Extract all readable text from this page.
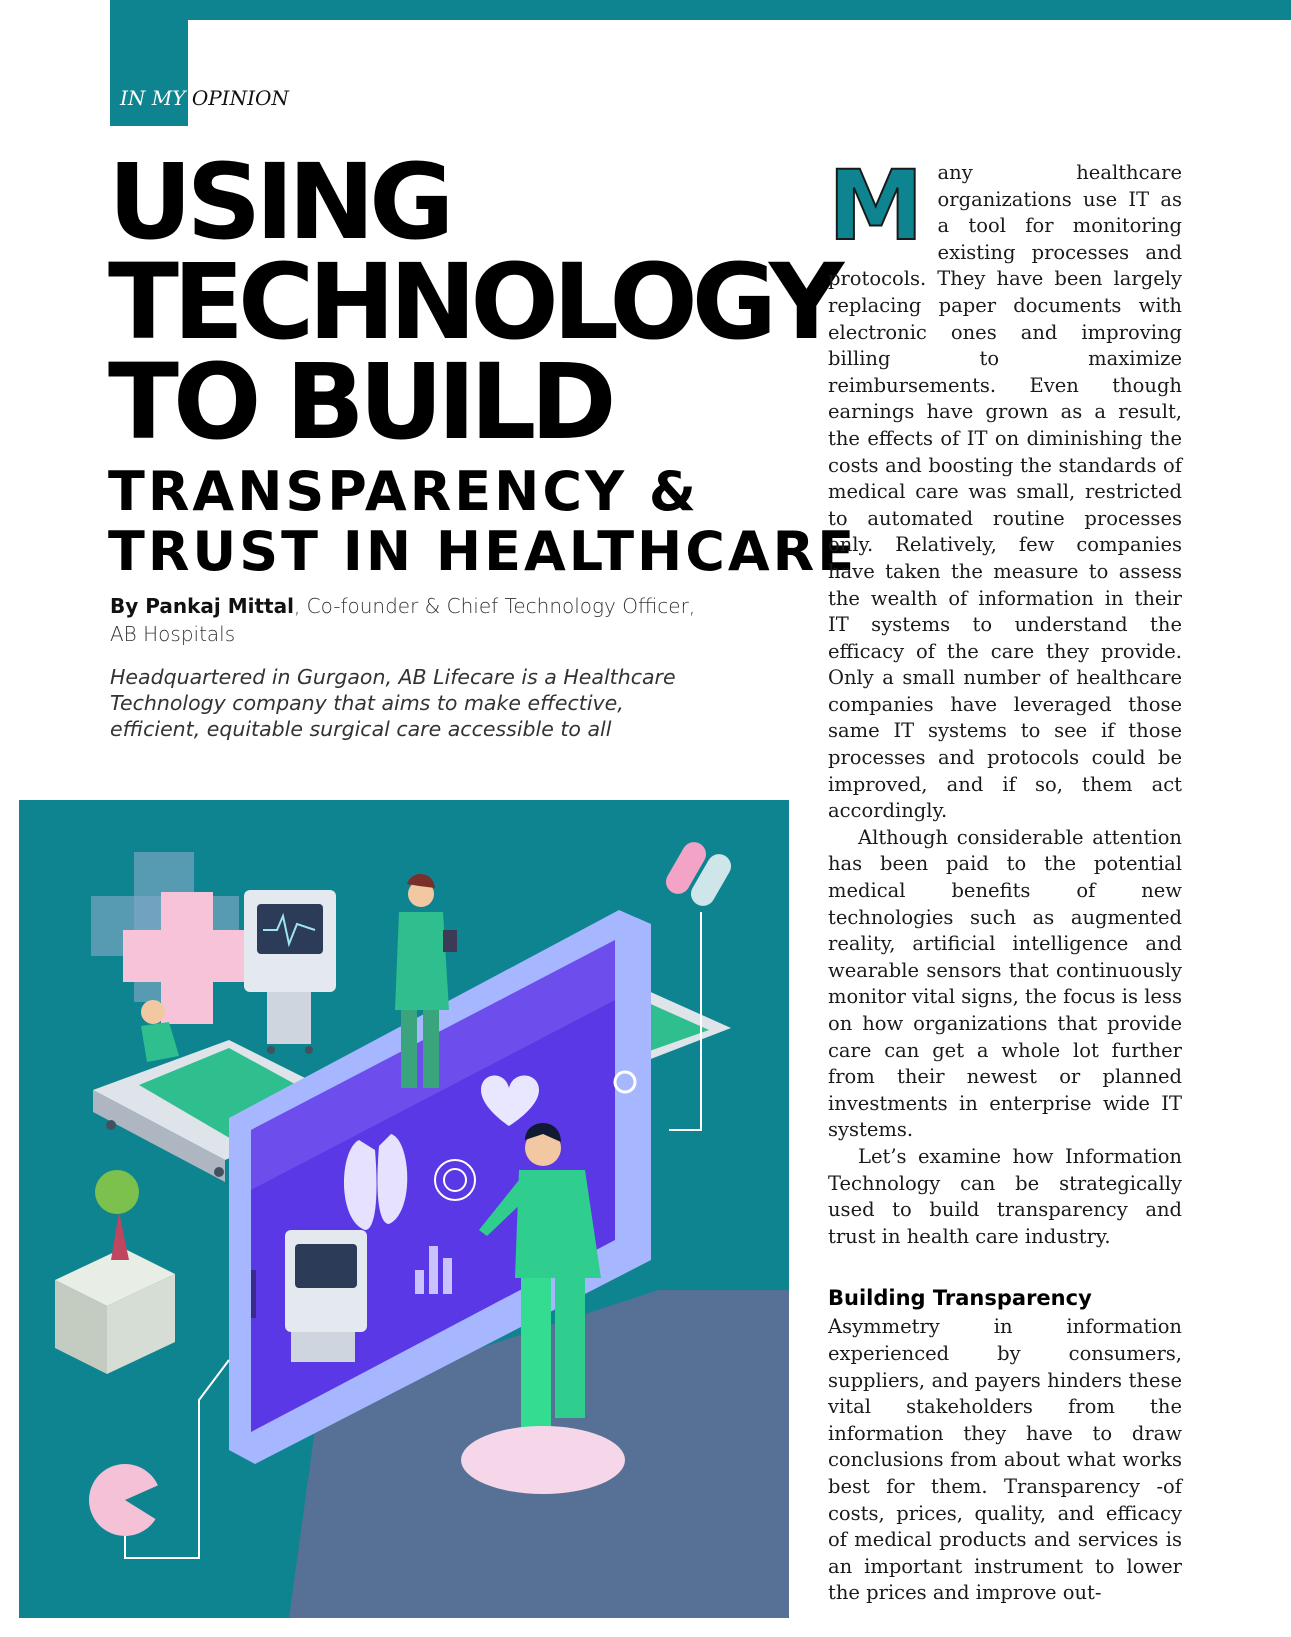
IN MY OPINION
USING
TECHNOLOGY
TO BUILD
TRANSPARENCY &
TRUST IN HEALTHCARE
By Pankaj Mittal, Co-founder & Chief Technology Officer,
AB Hospitals
Headquartered in Gurgaon, AB Lifecare is a Healthcare Technology company that aims to make effective, efficient, equitable surgical care accessible to all
M any healthcare organizations use IT as a tool for monitoring existing processes and protocols. They have been largely replacing paper documents with electronic ones and improving billing to maximize reimbursements. Even though earnings have grown as a result, the effects of IT on diminishing the costs and boosting the standards of medical care was small, restricted to automated routine processes only. Relatively, few companies have taken the measure to assess the wealth of information in their IT systems to understand the efficacy of the care they provide. Only a small number of healthcare companies have leveraged those same IT systems to see if those processes and protocols could be improved, and if so, them act accordingly.

Although considerable attention has been paid to the potential medical benefits of new technologies such as augmented reality, artificial intelligence and wearable sensors that continuously monitor vital signs, the focus is less on how organizations that provide care can get a whole lot further from their newest or planned investments in enterprise wide IT systems.

Let’s examine how Information Technology can be strategically used to build transparency and trust in health care industry.

Building Transparency

Asymmetry in information experienced by consumers, suppliers, and payers hinders these vital stakeholders from the information they have to draw conclusions from about what works best for them. Transparency -of costs, prices, quality, and efficacy of medical products and services is an important instrument to lower the prices and improve out-
